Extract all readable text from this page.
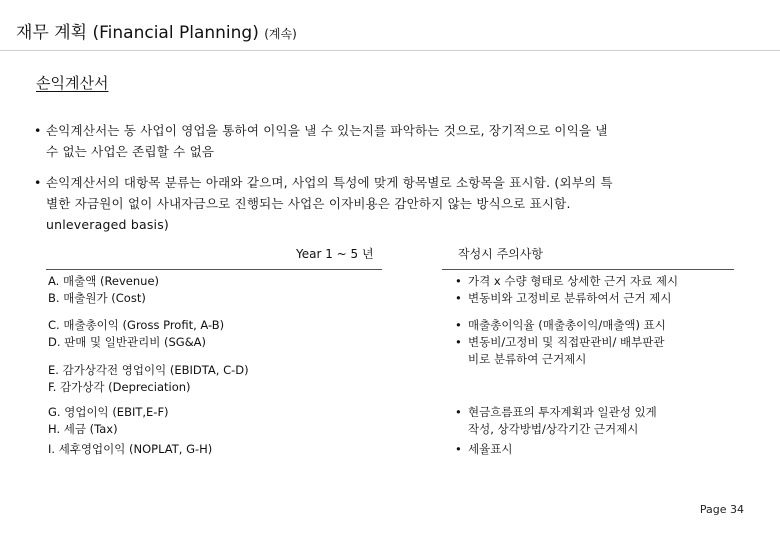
재무 계획 (Financial Planning) (계속)
손익계산서
• 손익계산서는 동 사업이 영업을 통하여 이익을 낼 수 있는지를 파악하는 것으로, 장기적으로 이익을 낼
수 없는 사업은 존립할 수 없음
• 손익계산서의 대항목 분류는 아래와 같으며, 사업의 특성에 맞게 항목별로 소항목을 표시함. (외부의 특
별한 자금원이 없이 사내자금으로 진행되는 사업은 이자비용은 감안하지 않는 방식으로 표시함.
unleveraged basis)
Year 1 ~ 5 년	작성시 주의사항
A. 매출액 (Revenue)
B. 매출원가 (Cost)
C. 매출총이익 (Gross Profit, A-B)
D. 판매 및 일반관리비 (SG&A)
E. 감가상각전 영업이익 (EBIDTA, C-D)
F. 감가상각 (Depreciation)
G. 영업이익 (EBIT,E-F)
H. 세금 (Tax)
I. 세후영업이익 (NOPLAT, G-H)
• 가격 x 수량 형태로 상세한 근거 자료 제시
• 변동비와 고정비로 분류하여서 근거 제시
• 매출총이익율 (매출총이익/매출액) 표시
• 변동비/고정비 및 직접판관비/ 배부판관
비로 분류하여 근거제시
• 현금흐름표의 투자계획과 일관성 있게
작성, 상각방법/상각기간 근거제시
• 세율표시
Page 34
